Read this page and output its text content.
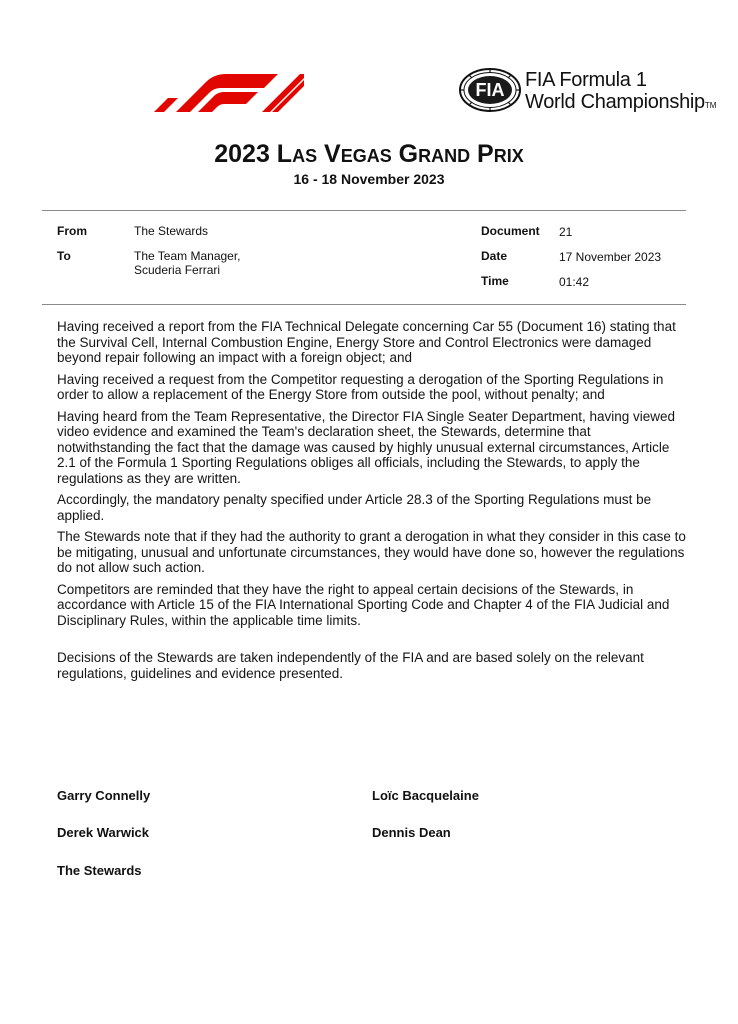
FIA FIA Formula 1
World ChampionshipTM
2023 Las Vegas Grand Prix
16 - 18 November 2023
From	The Stewards
To	The Team Manager,
Scuderia Ferrari
Document 21
Date	17 November 2023
Time	01:42

Having received a report from the FIA Technical Delegate concerning Car 55 (Document 16) stating that the Survival Cell, Internal Combustion Engine, Energy Store and Control Electronics were damaged beyond repair following an impact with a foreign object; and

Having received a request from the Competitor requesting a derogation of the Sporting Regulations in order to allow a replacement of the Energy Store from outside the pool, without penalty; and

Having heard from the Team Representative, the Director FIA Single Seater Department, having viewed video evidence and examined the Team's declaration sheet, the Stewards, determine that notwithstanding the fact that the damage was caused by highly unusual external circumstances, Article 2.1 of the Formula 1 Sporting Regulations obliges all officials, including the Stewards, to apply the regulations as they are written.

Accordingly, the mandatory penalty specified under Article 28.3 of the Sporting Regulations must be applied.

The Stewards note that if they had the authority to grant a derogation in what they consider in this case to be mitigating, unusual and unfortunate circumstances, they would have done so, however the regulations do not allow such action.

Competitors are reminded that they have the right to appeal certain decisions of the Stewards, in accordance with Article 15 of the FIA International Sporting Code and Chapter 4 of the FIA Judicial and Disciplinary Rules, within the applicable time limits.

Decisions of the Stewards are taken independently of the FIA and are based solely on the relevant regulations, guidelines and evidence presented.

Garry Connelly	Loïc Bacquelaine
Derek Warwick	Dennis Dean
The Stewards
